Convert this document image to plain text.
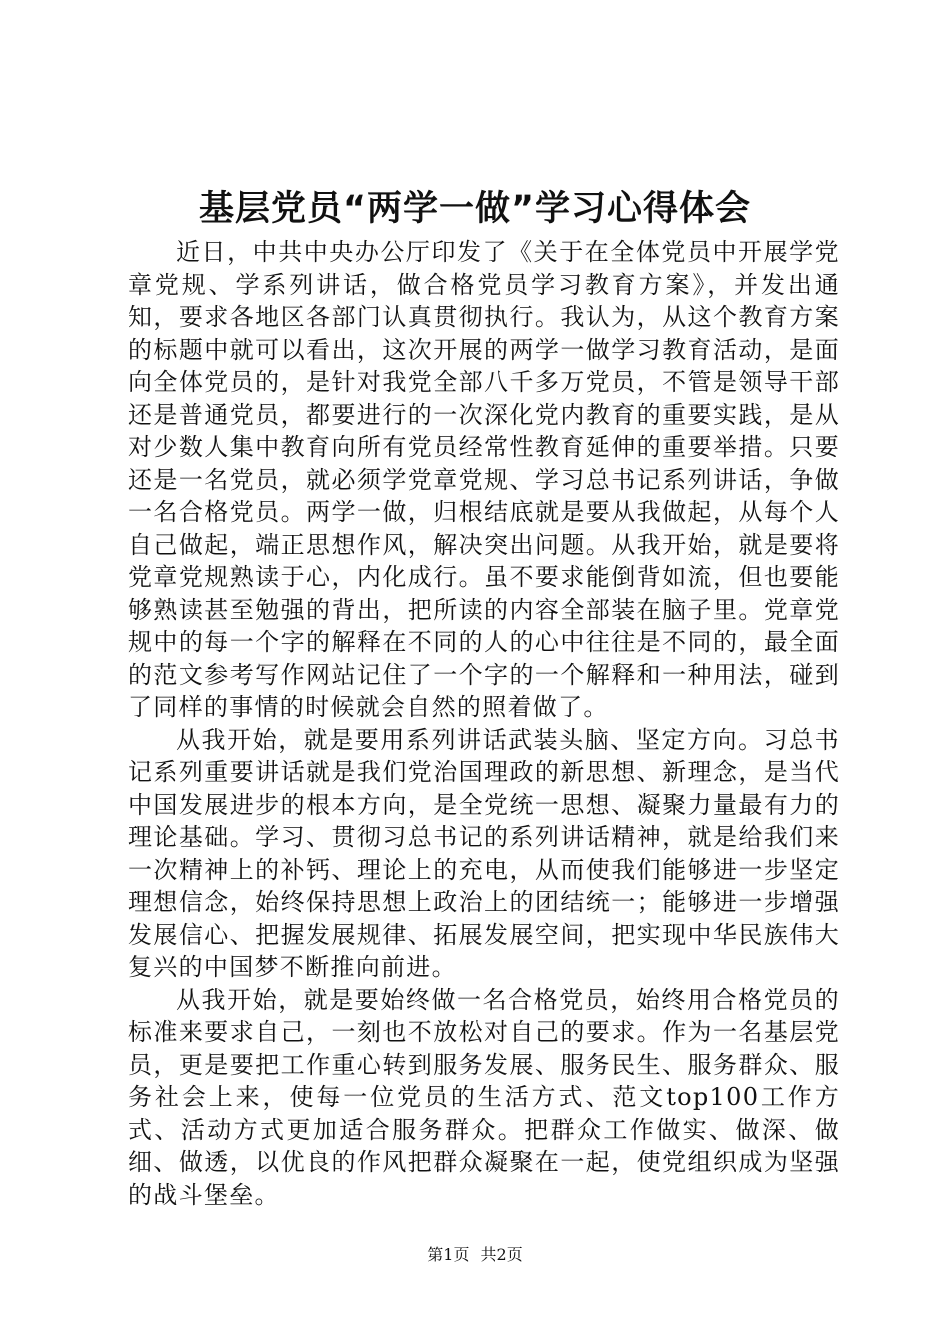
基层党员“两学一做”学习心得体会

近日，中共中央办公厅印发了《关于在全体党员中开展学党章党规、学系列讲话，做合格党员学习教育方案》，并发出通知，要求各地区各部门认真贯彻执行。我认为，从这个教育方案的标题中就可以看出，这次开展的两学一做学习教育活动，是面向全体党员的，是针对我党全部八千多万党员，不管是领导干部还是普通党员，都要进行的一次深化党内教育的重要实践，是从对少数人集中教育向所有党员经常性教育延伸的重要举措。只要还是一名党员，就必须学党章党规、学习总书记系列讲话，争做一名合格党员。两学一做，归根结底就是要从我做起，从每个人自己做起，端正思想作风，解决突出问题。从我开始，就是要将党章党规熟读于心，内化成行。虽不要求能倒背如流，但也要能够熟读甚至勉强的背出，把所读的内容全部装在脑子里。党章党规中的每一个字的解释在不同的人的心中往往是不同的，最全面的范文参考写作网站记住了一个字的一个解释和一种用法，碰到了同样的事情的时候就会自然的照着做了。

从我开始，就是要用系列讲话武装头脑、坚定方向。习总书记系列重要讲话就是我们党治国理政的新思想、新理念，是当代中国发展进步的根本方向，是全党统一思想、凝聚力量最有力的理论基础。学习、贯彻习总书记的系列讲话精神，就是给我们来一次精神上的补钙、理论上的充电，从而使我们能够进一步坚定理想信念，始终保持思想上政治上的团结统一；能够进一步增强发展信心、把握发展规律、拓展发展空间，把实现中华民族伟大复兴的中国梦不断推向前进。

从我开始，就是要始终做一名合格党员，始终用合格党员的标准来要求自己，一刻也不放松对自己的要求。作为一名基层党员，更是要把工作重心转到服务发展、服务民生、服务群众、服务社会上来，使每一位党员的生活方式、范文top100工作方式、活动方式更加适合服务群众。把群众工作做实、做深、做细、做透，以优良的作风把群众凝聚在一起，使党组织成为坚强的战斗堡垒。

第1页 共2页
